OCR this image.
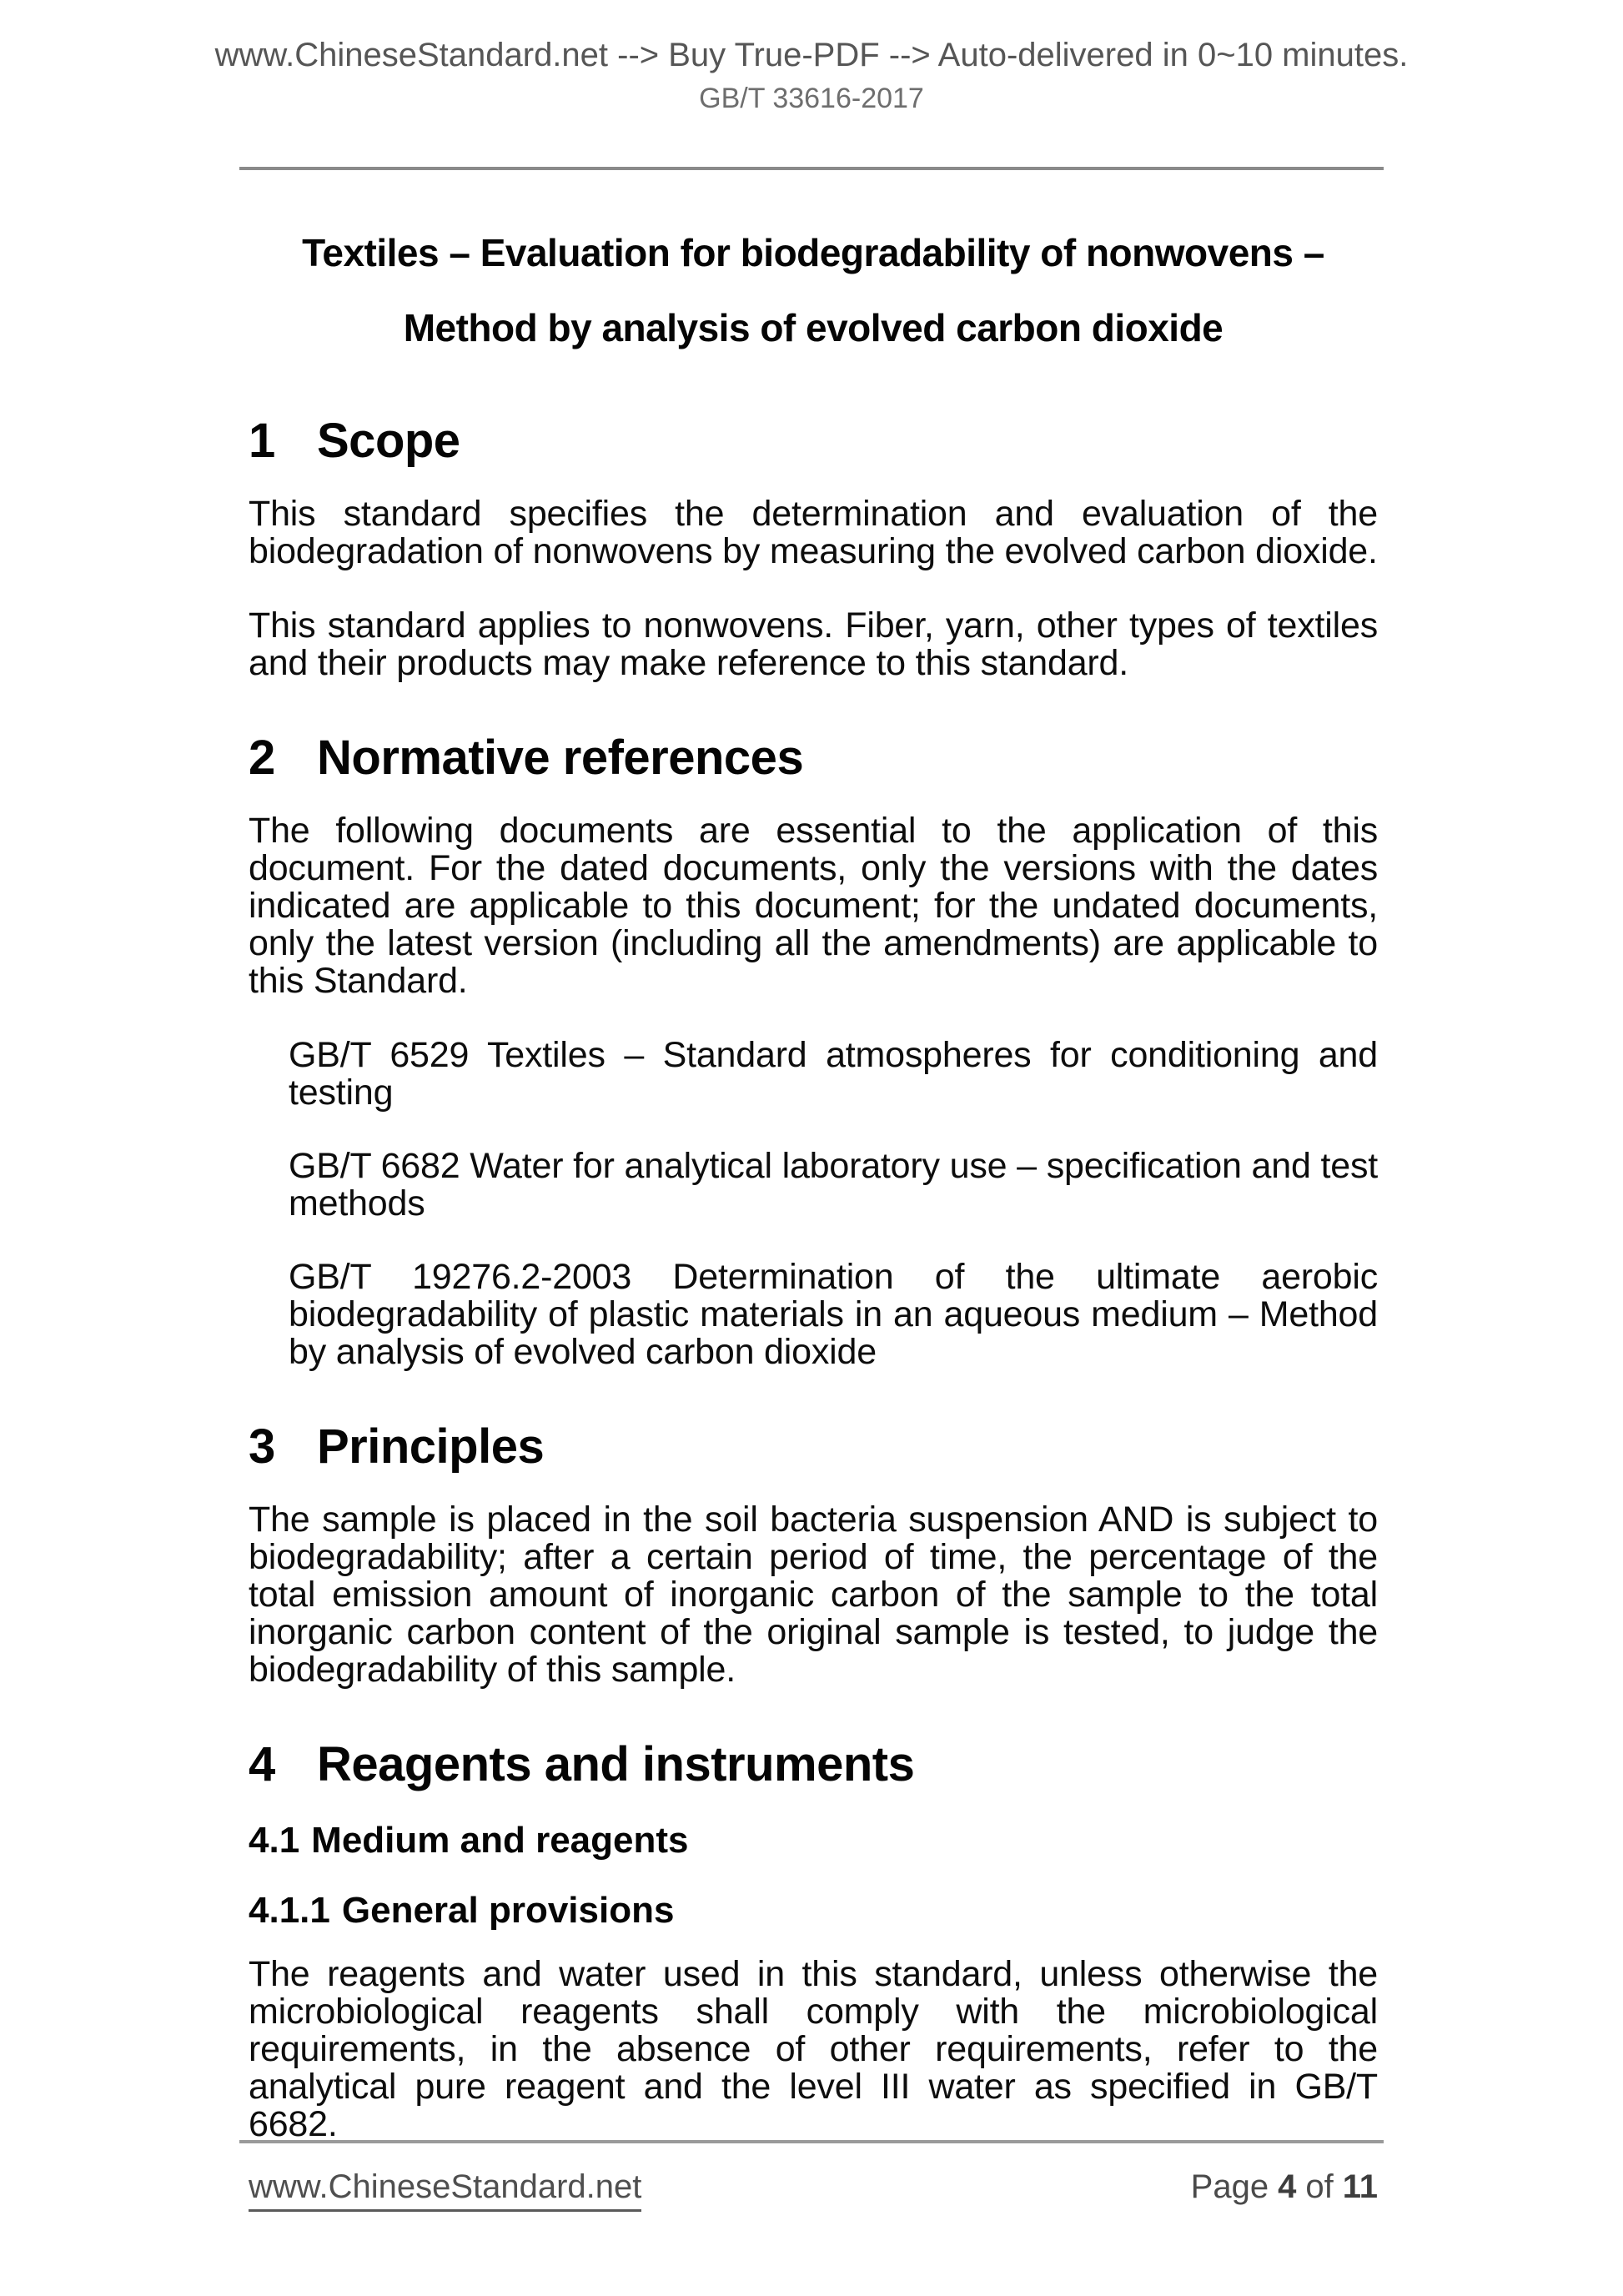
www.ChineseStandard.net --> Buy True-PDF --> Auto-delivered in 0~10 minutes.
GB/T 33616-2017
Textiles – Evaluation for biodegradability of nonwovens –
Method by analysis of evolved carbon dioxide
1 Scope

This standard specifies the determination and evaluation of the biodegradation of nonwovens by measuring the evolved carbon dioxide.

This standard applies to nonwovens. Fiber, yarn, other types of textiles and their products may make reference to this standard.

2 Normative references

The following documents are essential to the application of this document. For the dated documents, only the versions with the dates indicated are applicable to this document; for the undated documents, only the latest version (including all the amendments) are applicable to this Standard.

GB/T 6529 Textiles – Standard atmospheres for conditioning and testing

GB/T 6682 Water for analytical laboratory use – specification and test methods

GB/T 19276.2-2003 Determination of the ultimate aerobic biodegradability of plastic materials in an aqueous medium – Method by analysis of evolved carbon dioxide

3 Principles

The sample is placed in the soil bacteria suspension AND is subject to biodegradability; after a certain period of time, the percentage of the total emission amount of inorganic carbon of the sample to the total inorganic carbon content of the original sample is tested, to judge the biodegradability of this sample.

4 Reagents and instruments
4.1 Medium and reagents
4.1.1 General provisions

The reagents and water used in this standard, unless otherwise the microbiological reagents shall comply with the microbiological requirements, in the absence of other requirements, refer to the analytical pure reagent and the level III water as specified in GB/T 6682.

www.ChineseStandard.net	Page 4 of 11
